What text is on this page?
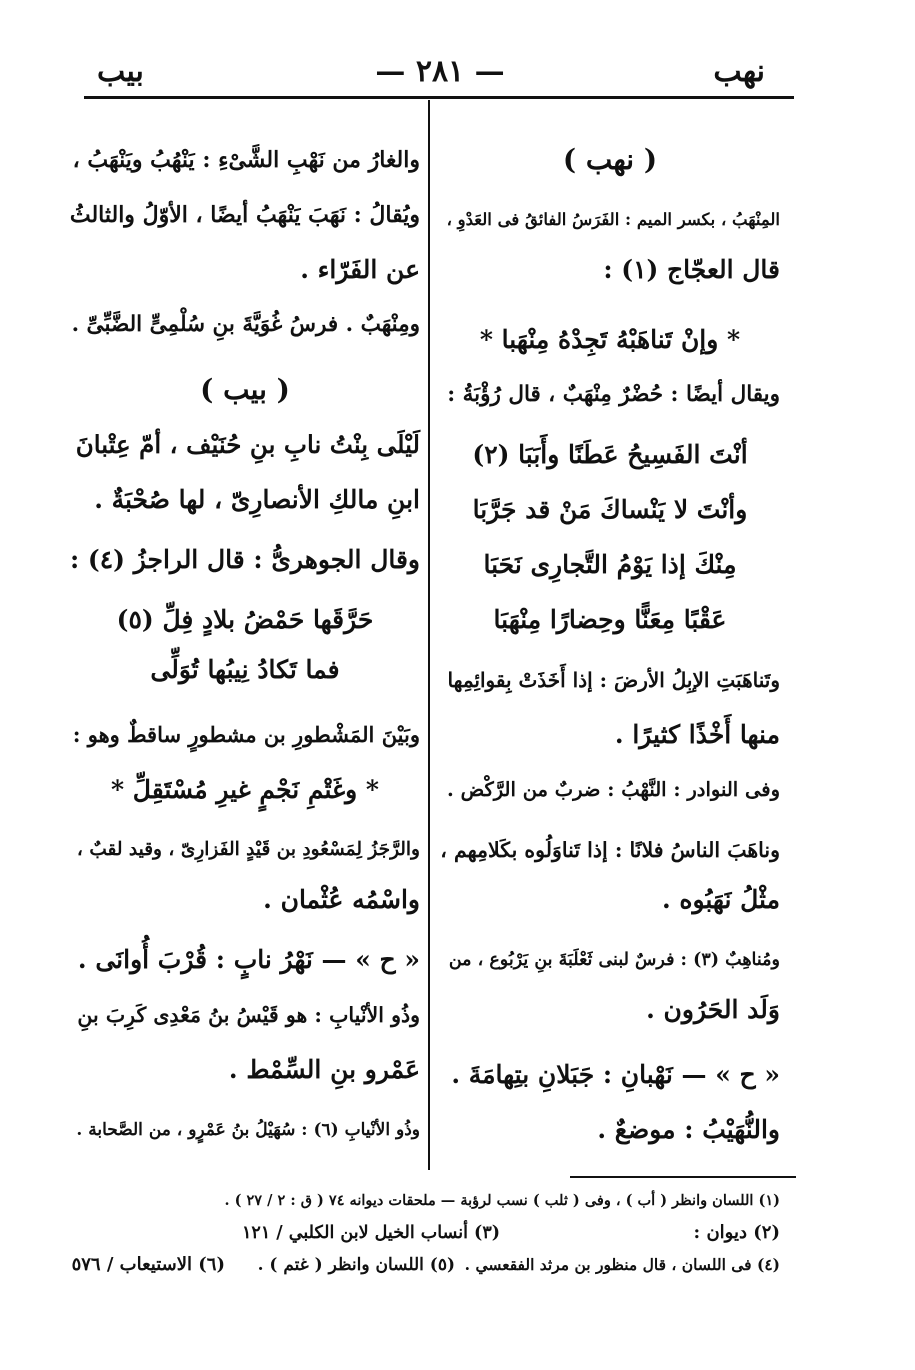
نهب
— ٢٨١ —
بيب
( نهب )
المِنْهَبُ ، بكسر الميم : الفَرَسُ الفائقُ فى العَدْوِ ،
قال العجّاج (١) :
* وإنْ تَناهَبْهُ تَجِدْهُ مِنْهَبا *
ويقال أيضًا : حُضْرٌ مِنْهَبٌ ، قال رُؤْبَةُ :
أنْتَ الفَسِيحُ عَطَنًا وأَبَبَا (٢)
وأنْتَ لا يَنْساكَ مَنْ قد جَرَّبَا
مِنْكَ إذا يَوْمُ التَّجارِى نَحَبَا
عَقْبًا مِعَنًّا وحِضارًا مِنْهَبَا
وتَناهَبَتِ الإبِلُ الأرضَ : إذا أَخَذَتْ بِقوائِمِها
منها أَخْذًا كثيرًا .
وفى النوادر : النَّهْبُ : ضربٌ من الرَّكْض .
وناهَبَ الناسُ فلانًا : إذا تَناوَلُوه بكَلامِهم ،
مثْلُ نَهَبُوه .
ومُناهِبٌ (٣) : فرسٌ لبنى ثَعْلَبَةَ بنِ يَرْبُوع ، من
وَلَد الحَرُون .
« ح » — نَهْبانِ : جَبَلانِ بتِهامَةَ .
والنُّهَيْبُ : موضعٌ .
والغارُ من نَهْبِ الشَّىْءِ : يَنْهُبُ ويَنْهَبُ ،
ويُقالُ : نَهَبَ يَنْهَبُ أيضًا ، الأوّلُ والثالثُ
عن الفَرّاء .
ومِنْهَبٌ . فرسُ غُوَيَّةَ بنِ سُلْمِىٍّ الضَّبِّىِّ .
( بيب )
لَيْلَى بِنْتُ نابِ بنِ حُنَيْف ، أمّ عِتْبانَ
ابنِ مالكِ الأنصارِىّ ، لها صُحْبَةٌ .
وقال الجوهرىُّ : قال الراجزُ (٤) :
حَرَّقَها حَمْضُ بلادٍ فِلِّ (٥)
فما تَكادُ نِيبُها تُوَلِّى
وبَيْنَ المَشْطورِ بن مشطورٍ ساقطٌ وهو :
* وغَتْمِ نَجْمٍ غيرِ مُسْتَقِلِّ *
والرَّجَزُ لِمَسْعُودِ بن قَيْدٍ الفَزارِىّ ، وقيد لقبٌ ،
واسْمُه عُثْمان .
« ح » — نَهْرُ نابٍ : قُرْبَ أُوانَى .
وذُو الأنْيابِ : هو قَيْسُ بنُ مَعْدِى كَرِبَ بنِ
عَمْرو بنِ السِّمْط .
وذُو الأنْيابِ (٦) : سُهَيْلُ بنُ عَمْرٍو ، من الصَّحابة .
(١) اللسان وانظر ( أب ) ، وفى ( ثلب ) نسب لرؤبة — ملحقات ديوانه ٧٤ ( ق : ٢ / ٢٧ ) .
(٢) ديوان :
(٣) أنساب الخيل لابن الكلبي / ١٢١
(٤) فى اللسان ، قال منظور بن مرثد الفقعسي .
(٥) اللسان وانظر ( غتم ) .
(٦) الاستيعاب / ٥٧٦
